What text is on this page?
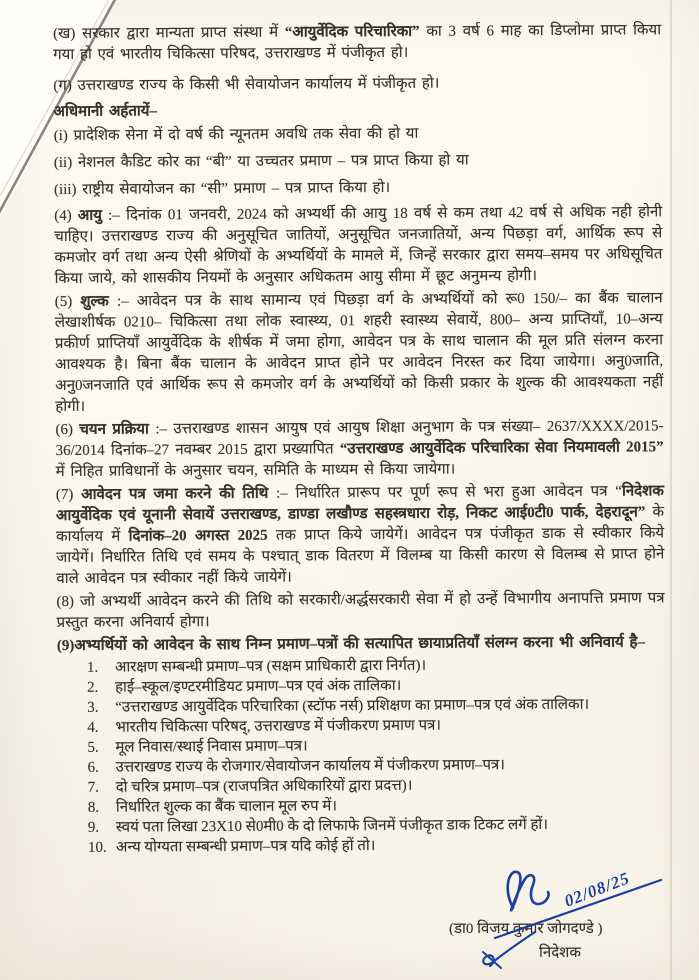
(ख) सरकार द्वारा मान्यता प्राप्त संस्था में “आयुर्वेदिक परिचारिका” का 3 वर्ष 6 माह का डिप्लोमा प्राप्त किया गया हो एवं भारतीय चिकित्सा परिषद, उत्तराखण्ड में पंजीकृत हो।

(ग) उत्तराखण्ड राज्य के किसी भी सेवायोजन कार्यालय में पंजीकृत हो।

अधिमानी अर्हतायें–

(i) प्रादेशिक सेना में दो वर्ष की न्यूनतम अवधि तक सेवा की हो या

(ii) नेशनल कैडिट कोर का “बी” या उच्चतर प्रमाण – पत्र प्राप्त किया हो या

(iii) राष्ट्रीय सेवायोजन का “सी” प्रमाण – पत्र प्राप्त किया हो।

(4) आयु :– दिनांक 01 जनवरी, 2024 को अभ्यर्थी की आयु 18 वर्ष से कम तथा 42 वर्ष से अधिक नही होनी चाहिए। उत्तराखण्ड राज्य की अनुसूचित जातियों, अनुसूचित जनजातियों, अन्य पिछड़ा वर्ग, आर्थिक रूप से कमजोर वर्ग तथा अन्य ऐसी श्रेणियों के अभ्यर्थियों के मामले में, जिन्हें सरकार द्वारा समय–समय पर अधिसूचित किया जाये, को शासकीय नियमों के अनुसार अधिकतम आयु सीमा में छूट अनुमन्य होगी।

(5) शुल्क :– आवेदन पत्र के साथ सामान्य एवं पिछड़ा वर्ग के अभ्यर्थियों को रू0 150/– का बैंक चालान लेखाशीर्षक 0210– चिकित्सा तथा लोक स्वास्थ्य, 01 शहरी स्वास्थ्य सेवायें, 800– अन्य प्राप्तियाँ, 10–अन्य प्रकीर्ण प्राप्तियाँ आयुर्वेदिक के शीर्षक में जमा होगा, आवेदन पत्र के साथ चालान की मूल प्रति संलग्न करना आवश्यक है। बिना बैंक चालान के आवेदन प्राप्त होने पर आवेदन निरस्त कर दिया जायेगा। अनु0जाति, अनु0जनजाति एवं आर्थिक रूप से कमजोर वर्ग के अभ्यर्थियों को किसी प्रकार के शुल्क की आवश्यकता नहीं होगी।

(6) चयन प्रक्रिया :– उत्तराखण्ड शासन आयुष एवं आयुष शिक्षा अनुभाग के पत्र संख्या– 2637/XXXX/2015-36/2014 दिनांक–27 नवम्बर 2015 द्वारा प्रख्यापित “उत्तराखण्ड आयुर्वेदिक परिचारिका सेवा नियमावली 2015” में निहित प्राविधानों के अनुसार चयन, समिति के माध्यम से किया जायेगा।

(7) आवेदन पत्र जमा करने की तिथि :– निर्धारित प्रारूप पर पूर्ण रूप से भरा हुआ आवेदन पत्र “निदेशक आयुर्वेदिक एवं यूनानी सेवायें उत्तराखण्ड, डाण्डा लखौण्ड सहस्त्रधारा रोड़, निकट आई0टी0 पार्क, देहरादून” के कार्यालय में दिनांक–20 अगस्त 2025 तक प्राप्त किये जायेगें। आवेदन पत्र पंजीकृत डाक से स्वीकार किये जायेगें। निर्धारित तिथि एवं समय के पश्चात् डाक वितरण में विलम्ब या किसी कारण से विलम्ब से प्राप्त होने वाले आवेदन पत्र स्वीकार नहीं किये जायेगें।

(8) जो अभ्यर्थी आवेदन करने की तिथि को सरकारी/अर्द्धसरकारी सेवा में हो उन्हें विभागीय अनापत्ति प्रमाण पत्र प्रस्तुत करना अनिवार्य होगा।

(9)अभ्यर्थियों को आवेदन के साथ निम्न प्रमाण–पत्रों की सत्यापित छायाप्रतियाँ संलग्न करना भी अनिवार्य है–

1.	आरक्षण सम्बन्धी प्रमाण–पत्र (सक्षम प्राधिकारी द्वारा निर्गत)।
2.	हाई–स्कूल/इण्टरमीडियट प्रमाण–पत्र एवं अंक तालिका।
3.	“उत्तराखण्ड आयुर्वेदिक परिचारिका (स्टॉफ नर्स) प्रशिक्षण का प्रमाण–पत्र एवं अंक तालिका।
4.	भारतीय चिकित्सा परिषद्, उत्तराखण्ड में पंजीकरण प्रमाण पत्र।
5.	मूल निवास/स्थाई निवास प्रमाण–पत्र।
6.	उत्तराखण्ड राज्य के रोजगार/सेवायोजन कार्यालय में पंजीकरण प्रमाण–पत्र।
7.	दो चरित्र प्रमाण–पत्र (राजपत्रित अधिकारियों द्वारा प्रदत्त)।
8.	निर्धारित शुल्क का बैंक चालान मूल रुप में।
9.	स्वयं पता लिखा 23X10 से0मी0 के दो लिफाफे जिनमें पंजीकृत डाक टिकट लगें हों।
10. अन्य योग्यता सम्बन्धी प्रमाण–पत्र यदि कोई हों तो।
(डा0 विजय कुमार जोगदण्डे )
निदेशक
02/08/25
